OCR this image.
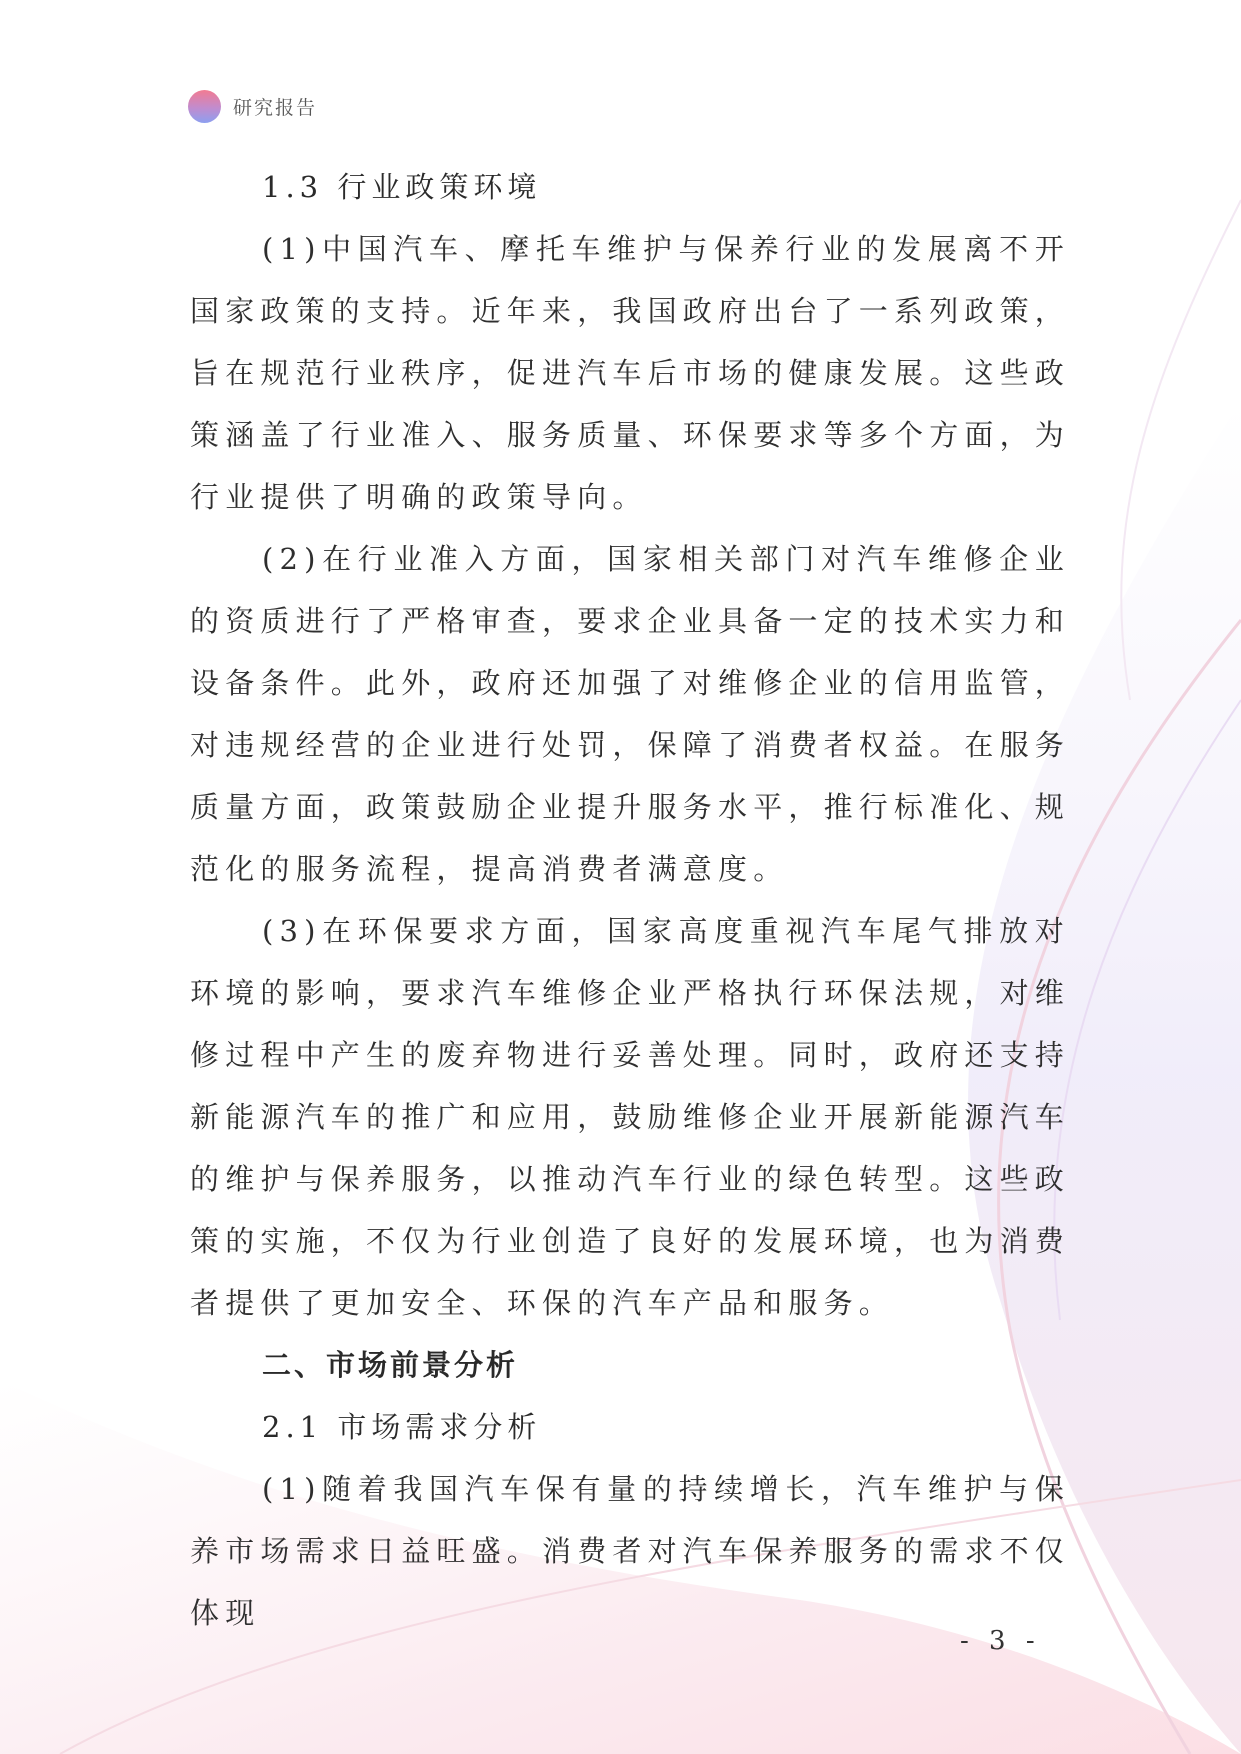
研究报告
1.3 行业政策环境

(1)中国汽车、摩托车维护与保养行业的发展离不开国家政策的支持。近年来，我国政府出台了一系列政策，旨在规范行业秩序，促进汽车后市场的健康发展。这些政策涵盖了行业准入、服务质量、环保要求等多个方面，为行业提供了明确的政策导向。

(2)在行业准入方面，国家相关部门对汽车维修企业的资质进行了严格审查，要求企业具备一定的技术实力和设备条件。此外，政府还加强了对维修企业的信用监管，对违规经营的企业进行处罚，保障了消费者权益。在服务质量方面，政策鼓励企业提升服务水平，推行标准化、规范化的服务流程，提高消费者满意度。

(3)在环保要求方面，国家高度重视汽车尾气排放对环境的影响，要求汽车维修企业严格执行环保法规，对维修过程中产生的废弃物进行妥善处理。同时，政府还支持新能源汽车的推广和应用，鼓励维修企业开展新能源汽车的维护与保养服务，以推动汽车行业的绿色转型。这些政策的实施，不仅为行业创造了良好的发展环境，也为消费者提供了更加安全、环保的汽车产品和服务。

二、市场前景分析
2.1 市场需求分析

(1)随着我国汽车保有量的持续增长，汽车维护与保养市场需求日益旺盛。消费者对汽车保养服务的需求不仅体现

- 3 -
